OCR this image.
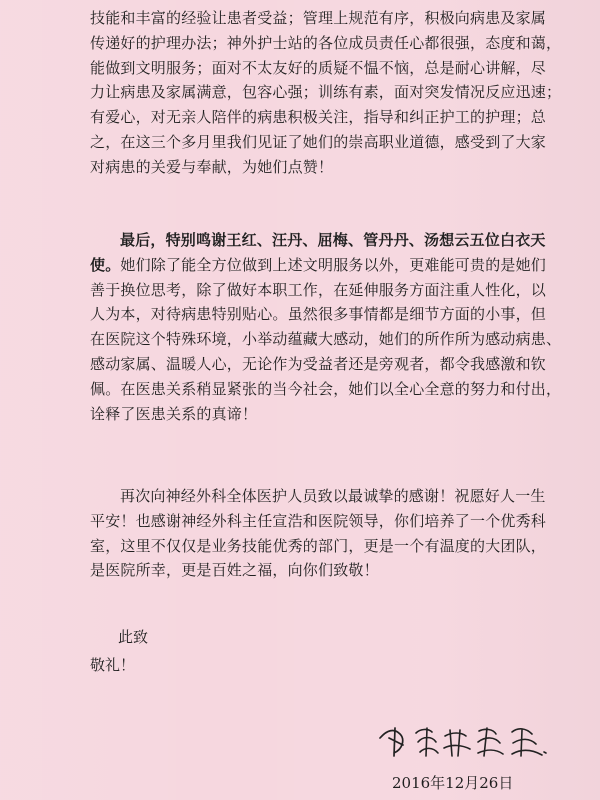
技能和丰富的经验让患者受益；管理上规范有序，积极向病患及家属
传递好的护理办法；神外护士站的各位成员责任心都很强，态度和蔼，
能做到文明服务；面对不太友好的质疑不愠不恼，总是耐心讲解，尽
力让病患及家属满意，包容心强；训练有素，面对突发情况反应迅速；
有爱心，对无亲人陪伴的病患积极关注，指导和纠正护工的护理；总
之，在这三个多月里我们见证了她们的崇高职业道德，感受到了大家
对病患的关爱与奉献，为她们点赞！
最后，特别鸣谢王红、汪丹、屈梅、管丹丹、汤想云五位白衣天
使。她们除了能全方位做到上述文明服务以外，更难能可贵的是她们
善于换位思考，除了做好本职工作，在延伸服务方面注重人性化，以
人为本，对待病患特别贴心。虽然很多事情都是细节方面的小事，但
在医院这个特殊环境，小举动蕴藏大感动，她们的所作所为感动病患、
感动家属、温暖人心，无论作为受益者还是旁观者，都令我感激和钦
佩。在医患关系稍显紧张的当今社会，她们以全心全意的努力和付出，
诠释了医患关系的真谛！
再次向神经外科全体医护人员致以最诚挚的感谢！祝愿好人一生
平安！也感谢神经外科主任宣浩和医院领导，你们培养了一个优秀科
室，这里不仅仅是业务技能优秀的部门，更是一个有温度的大团队，
是医院所幸，更是百姓之福，向你们致敬！
此致
敬礼！
2016年12月26日
